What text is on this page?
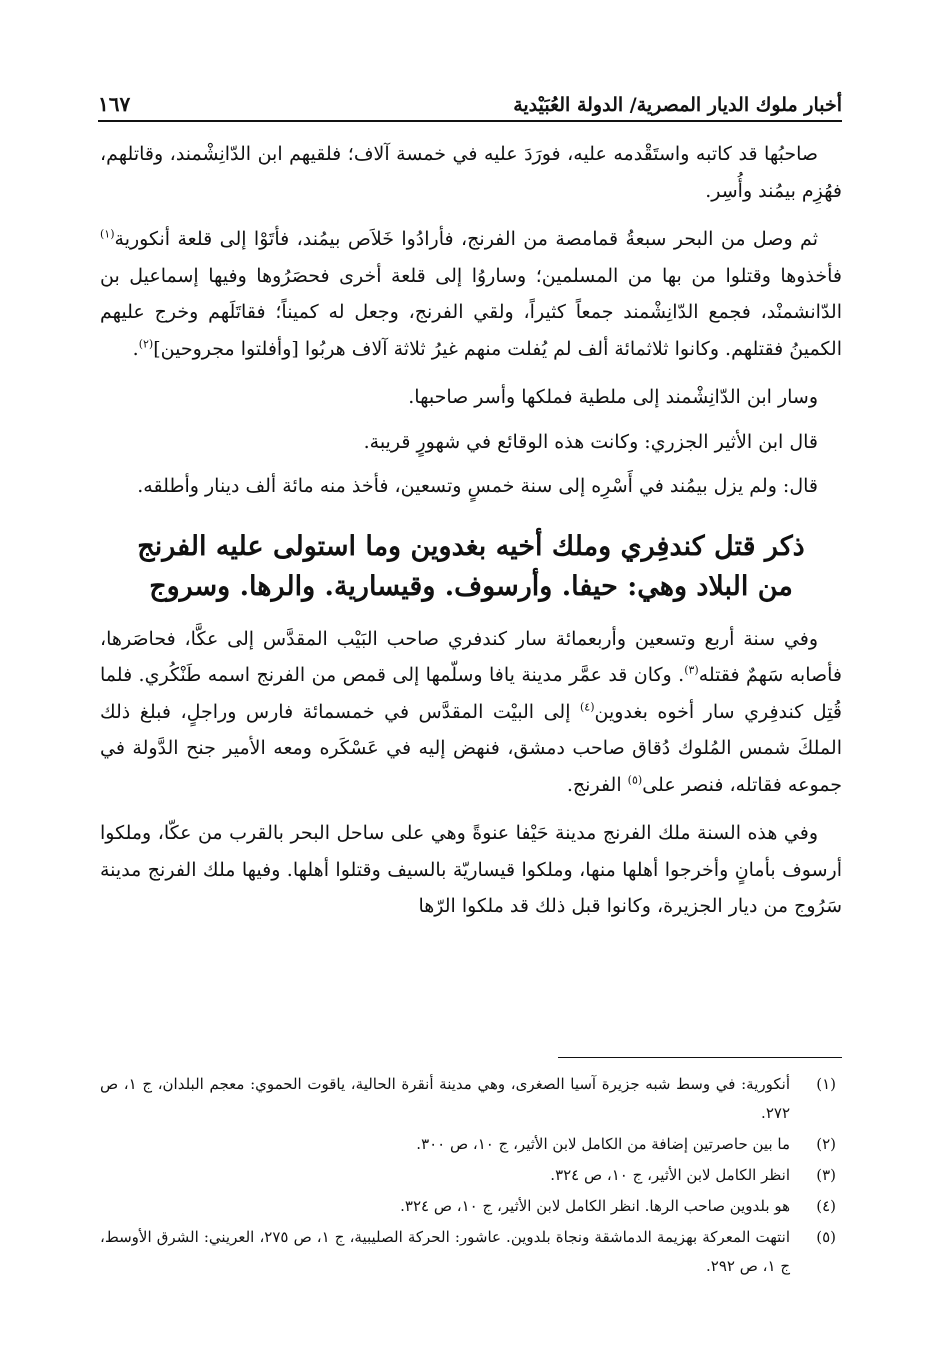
أخبار ملوك الديار المصرية/ الدولة العُبَيْدية
١٦٧

صاحبُها قد كاتبه واستَقْدمه عليه، فورَدَ عليه في خمسة آلاف؛ فلقيهم ابن الدّانِشْمند، وقاتلهم، فهُزِم بيمُند وأُسِر.

ثم وصل من البحر سبعةُ قمامصة من الفرنج، فأرادُوا خَلاَص بيمُند، فأتَوْا إلى قلعة أنكورية$^{(١)}$ فأخذوها وقتلوا من بها من المسلمين؛ وساروُا إلى قلعة أخرى فحصَرُوها وفيها إسماعيل بن الدّانشمنْد، فجمع الدّانِشْمند جمعاً كثيراً، ولقي الفرنج، وجعل له كميناً؛ فقاتَلَهم وخرج عليهم الكمينُ فقتلهم. وكانوا ثلاثمائة ألف لم يُفلت منهم غيرُ ثلاثة آلاف هربُوا [وأفلتوا مجروحين]$^{(٢)}$.

وسار ابن الدّانِشْمند إلى ملطية فملكها وأسر صاحبها.

قال ابن الأثير الجزري: وكانت هذه الوقائع في شهورٍ قريبة.

قال: ولم يزل بيمُند في أَسْرِه إلى سنة خمسٍ وتسعين، فأخذ منه مائة ألف دينار وأطلقه.

ذكر قتل كندفِري وملك أخيه بغدوين وما استولى عليه الفرنج
من البلاد وهي: حيفا. وأرسوف. وقيسارية. والرها. وسروج

وفي سنة أربع وتسعين وأربعمائة سار كندفري صاحب البَيْب المقدَّس إلى عكَّا، فحاصَرها، فأصابه سَهمٌ فقتله$^{(٣)}$. وكان قد عمَّر مدينة يافا وسلّمها إلى قمص من الفرنج اسمه طَنْكُري. فلما قُتِل كندفِري سار أخوه بغدوين$^{(٤)}$ إلى البيْت المقدَّس في خمسمائة فارس وراجلٍ، فبلغ ذلك الملكَ شمس المُلوك دُقاق صاحب دمشق، فنهض إليه في عَسْكَره ومعه الأمير جنح الدَّولة في جموعه فقاتله، فنصر على$^{(٥)}$ الفرنج.

وفي هذه السنة ملك الفرنج مدينة حَيْفا عنوةً وهي على ساحل البحر بالقرب من عكّا، وملكوا أرسوف بأمانٍ وأخرجوا أهلها منها، وملكوا قيساريّة بالسيف وقتلوا أهلها. وفيها ملك الفرنج مدينة سَرُوج من ديار الجزيرة، وكانوا قبل ذلك قد ملكوا الرّها

(١)
أنكورية: في وسط شبه جزيرة آسيا الصغرى، وهي مدينة أنقرة الحالية، ياقوت الحموي: معجم البلدان، ج ١، ص ٢٧٢.
(٢)
ما بين حاصرتين إضافة من الكامل لابن الأثير، ج ١٠، ص ٣٠٠.
(٣)
انظر الكامل لابن الأثير، ج ١٠، ص ٣٢٤.
(٤)
هو بلدوين صاحب الرها. انظر الكامل لابن الأثير، ج ١٠، ص ٣٢٤.
(٥)
انتهت المعركة بهزيمة الدماشقة ونجاة بلدوين. عاشور: الحركة الصليبية، ج ١، ص ٢٧٥، العريني: الشرق الأوسط، ج ١، ص ٢٩٢.
